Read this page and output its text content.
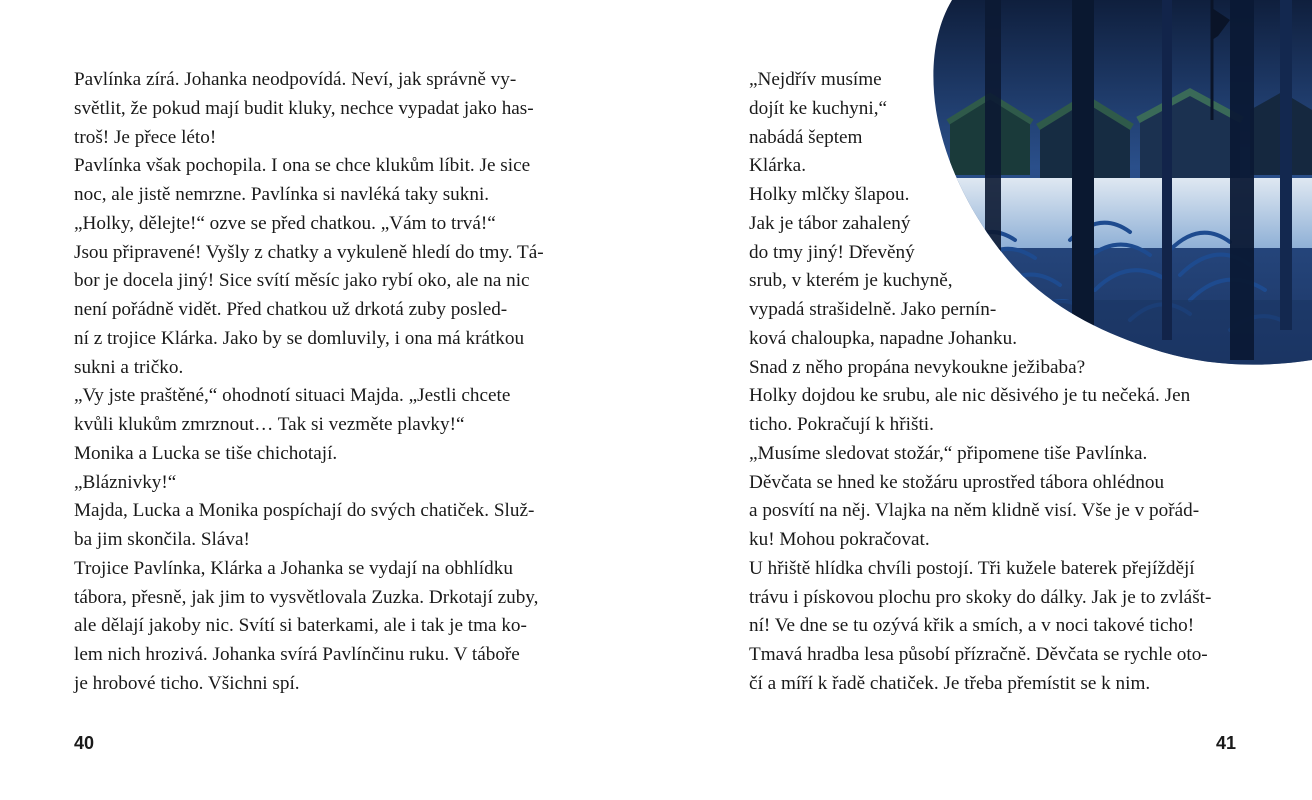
Pavlínka zírá. Johanka neodpovídá. Neví, jak správně vy-
světlit, že pokud mají budit kluky, nechce vypadat jako has-
troš! Je přece léto!
Pavlínka však pochopila. I ona se chce klukům líbit. Je sice
noc, ale jistě nemrzne. Pavlínka si navléká taky sukni.
„Holky, dělejte!“ ozve se před chatkou. „Vám to trvá!“
Jsou připravené! Vyšly z chatky a vykuleně hledí do tmy. Tá-
bor je docela jiný! Sice svítí měsíc jako rybí oko, ale na nic
není pořádně vidět. Před chatkou už drkotá zuby posled-
ní z trojice Klárka. Jako by se domluvily, i ona má krátkou
sukni a tričko.
„Vy jste praštěné,“ ohodnotí situaci Majda. „Jestli chcete
kvůli klukům zmrznout… Tak si vezměte plavky!“
Monika a Lucka se tiše chichotají.
„Bláznivky!“
Majda, Lucka a Monika pospíchají do svých chatiček. Služ-
ba jim skončila. Sláva!
Trojice Pavlínka, Klárka a Johanka se vydají na obhlídku
tábora, přesně, jak jim to vysvětlovala Zuzka. Drkotají zuby,
ale dělají jakoby nic. Svítí si baterkami, ale i tak je tma ko-
lem nich hrozivá. Johanka svírá Pavlínčinu ruku. V táboře
je hrobové ticho. Všichni spí.
40
„Nejdřív musíme
dojít ke kuchyni,“
nabádá šeptem
Klárka.
Holky mlčky šlapou.
Jak je tábor zahalený
do tmy jiný! Dřevěný
srub, v kterém je kuchyně,
vypadá strašidelně. Jako pernín-
ková chaloupka, napadne Johanku.
Snad z něho propána nevykoukne ježibaba?
Holky dojdou ke srubu, ale nic děsivého je tu nečeká. Jen
ticho. Pokračují k hřišti.
„Musíme sledovat stožár,“ připomene tiše Pavlínka.
Děvčata se hned ke stožáru uprostřed tábora ohlédnou
a posvítí na něj. Vlajka na něm klidně visí. Vše je v pořád-
ku! Mohou pokračovat.
U hřiště hlídka chvíli postojí. Tři kužele baterek přejíždějí
trávu i pískovou plochu pro skoky do dálky. Jak je to zvlášt-
ní! Ve dne se tu ozývá křik a smích, a v noci takové ticho!
Tmavá hradba lesa působí přízračně. Děvčata se rychle oto-
čí a míří k řadě chatiček. Je třeba přemístit se k nim.
41
